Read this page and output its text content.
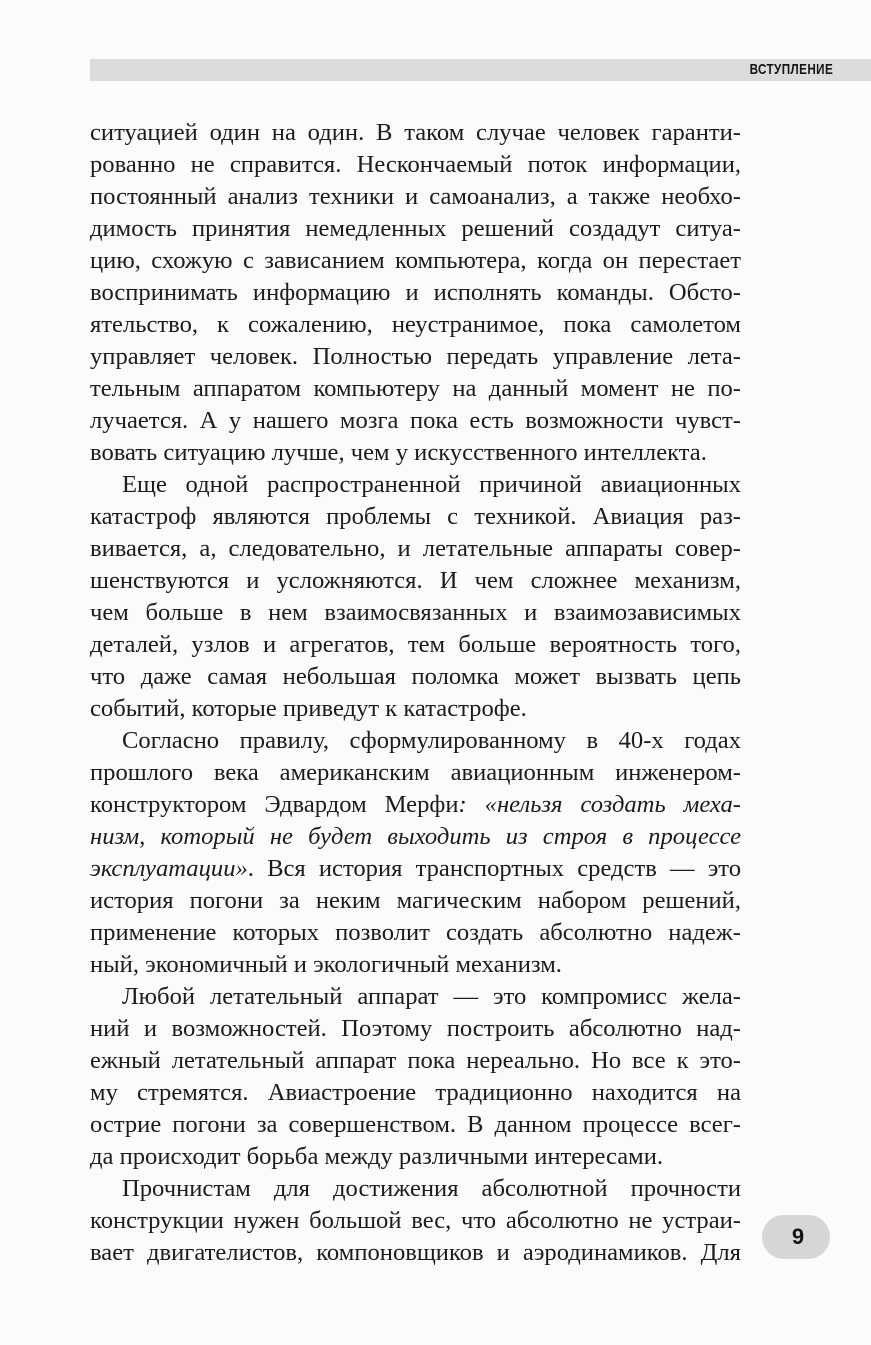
ВСТУПЛЕНИЕ
ситуацией один на один. В таком случае человек гаранти-
рованно не справится. Нескончаемый поток информации,
постоянный анализ техники и самоанализ, а также необхо-
димость принятия немедленных решений создадут ситуа-
цию, схожую с зависанием компьютера, когда он перестает
воспринимать информацию и исполнять команды. Обсто-
ятельство, к сожалению, неустранимое, пока самолетом
управляет человек. Полностью передать управление лета-
тельным аппаратом компьютеру на данный момент не по-
лучается. А у нашего мозга пока есть возможности чувст-
вовать ситуацию лучше, чем у искусственного интеллекта.
Еще одной распространенной причиной авиационных
катастроф являются проблемы с техникой. Авиация раз-
вивается, а, следовательно, и летательные аппараты совер-
шенствуются и усложняются. И чем сложнее механизм,
чем больше в нем взаимосвязанных и взаимозависимых
деталей, узлов и агрегатов, тем больше вероятность того,
что даже самая небольшая поломка может вызвать цепь
событий, которые приведут к катастрофе.
Согласно правилу, сформулированному в 40-х годах
прошлого века американским авиационным инженером-
конструктором Эдвардом Мерфи: «нельзя создать меха-
низм, который не будет выходить из строя в процессе
эксплуатации». Вся история транспортных средств — это
история погони за неким магическим набором решений,
применение которых позволит создать абсолютно надеж-
ный, экономичный и экологичный механизм.
Любой летательный аппарат — это компромисс жела-
ний и возможностей. Поэтому построить абсолютно над-
ежный летательный аппарат пока нереально. Но все к это-
му стремятся. Авиастроение традиционно находится на
острие погони за совершенством. В данном процессе всег-
да происходит борьба между различными интересами.
Прочнистам для достижения абсолютной прочности
конструкции нужен большой вес, что абсолютно не устраи-
вает двигателистов, компоновщиков и аэродинамиков. Для
9
